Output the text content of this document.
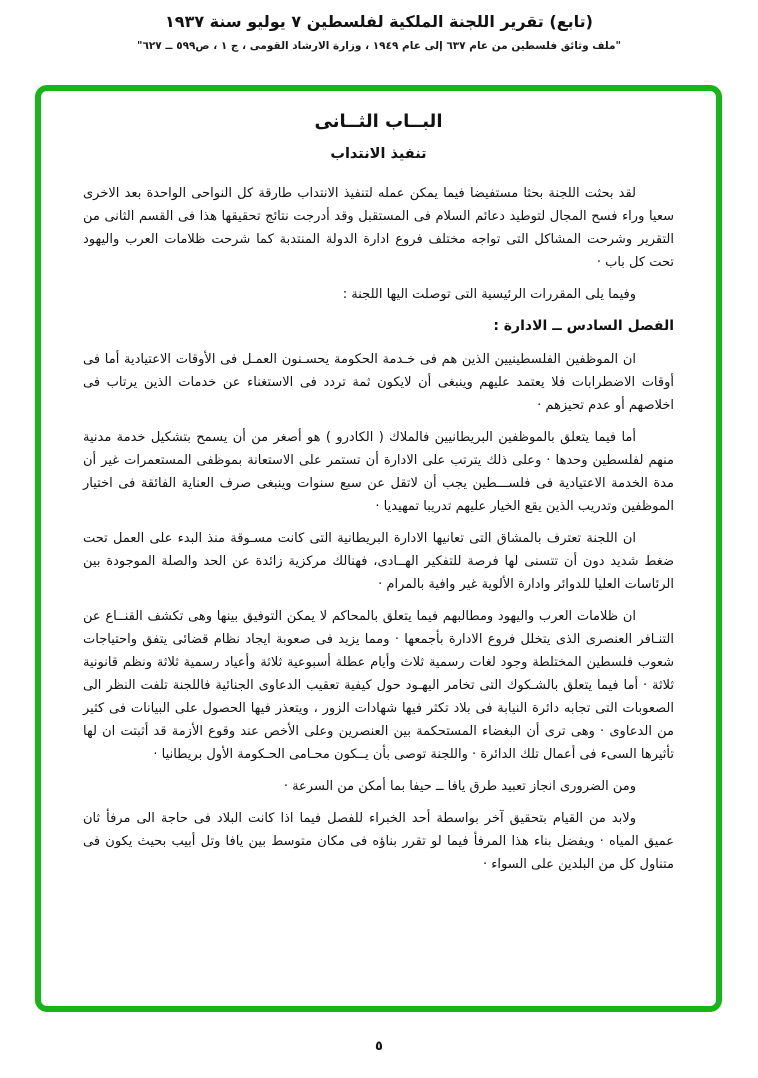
(تابع) تقرير اللجنة الملكية لفلسطين ٧ يوليو سنة ١٩٣٧
"ملف وثائق فلسطين من عام ٦٣٧ إلى عام ١٩٤٩ ، وزارة الارشاد القومى ، ج ١ ، ص٥٩٩ ــ ٦٢٧"
البــاب الثــانى
تنفيذ الانتداب

لقد بحثت اللجنة بحثا مستفيضا فيما يمكن عمله لتنفيذ الانتداب طارقة كل النواحى الواحدة بعد الاخرى سعيا وراء فسح المجال لتوطيد دعائم السلام فى المستقبل وقد أدرجت نتائج تحقيقها هذا فى القسم الثانى من التقرير وشرحت المشاكل التى تواجه مختلف فروع ادارة الدولة المنتدبة كما شرحت ظلامات العرب واليهود تحت كل باب ·

وفيما يلى المقررات الرئيسية التى توصلت اليها اللجنة :

الفصل السادس ــ الادارة :

ان الموظفين الفلسطينيين الذين هم فى خـدمة الحكومة يحسـنون العمـل فى الأوقات الاعتيادية أما فى أوقات الاضطرابات فلا يعتمد عليهم وينبغى أن لايكون ثمة تردد فى الاستغناء عن خدمات الذين يرتاب فى اخلاصهم أو عدم تحيزهم ·

أما فيما يتعلق بالموظفين البريطانيين فالملاك ( الكادرو ) هو أصغر من أن يسمح بتشكيل خدمة مدنية منهم لفلسطين وحدها · وعلى ذلك يترتب على الادارة أن تستمر على الاستعانة بموظفى المستعمرات غير أن مدة الخدمة الاعتيادية فى فلســـطين يجب أن لاتقل عن سبع سنوات وينبغى صرف العناية الفائقة فى اختيار الموظفين وتدريب الذين يقع الخيار عليهم تدريبا تمهيديا ·

ان اللجنة تعترف بالمشاق التى تعانيها الادارة البريطانية التى كانت مسـوقة منذ البدء على العمل تحت ضغط شديد دون أن تتسنى لها فرصة للتفكير الهــادى، فهنالك مركزية زائدة عن الحد والصلة الموجودة بين الرئاسات العليا للدوائر وادارة الألوية غير وافية بالمرام ·

ان ظلامات العرب واليهود ومطالبهم فيما يتعلق بالمحاكم لا يمكن التوفيق بينها وهى تكشف القنــاع عن التنـافر العنصرى الذى يتخلل فروع الادارة بأجمعها · ومما يزيد فى صعوبة ايجاد نظام قضائى يتفق واحتياجات شعوب فلسطين المختلطة وجود لغات رسمية ثلاث وأيام عطلة أسبوعية ثلاثة وأعياد رسمية ثلاثة ونظم قانونية ثلاثة · أما فيما يتعلق بالشـكوك التى تخامر اليهـود حول كيفية تعقيب الدعاوى الجنائية فاللجنة تلفت النظر الى الصعوبات التى تجابه دائرة النيابة فى بلاد تكثر فيها شهادات الزور ، ويتعذر فيها الحصول على البيانات فى كثير من الدعاوى · وهى ترى أن البغضاء المستحكمة بين العنصرين وعلى الأخص عند وقوع الأزمة قد أثبتت ان لها تأثيرها السىء فى أعمال تلك الدائرة · واللجنة توصى بأن يــكون محـامى الحـكومة الأول بريطانيا ·

ومن الضرورى انجاز تعبيد طرق يافا ــ حيفا بما أمكن من السرعة ·

ولابد من القيام بتحقيق آخر بواسطة أحد الخبراء للفصل فيما اذا كانت البلاد فى حاجة الى مرفأ ثان عميق المياه · ويفضل بناء هذا المرفأ فيما لو تقرر بناؤه فى مكان متوسط بين يافا وتل أبيب بحيث يكون فى متناول كل من البلدين على السواء ·

٥
